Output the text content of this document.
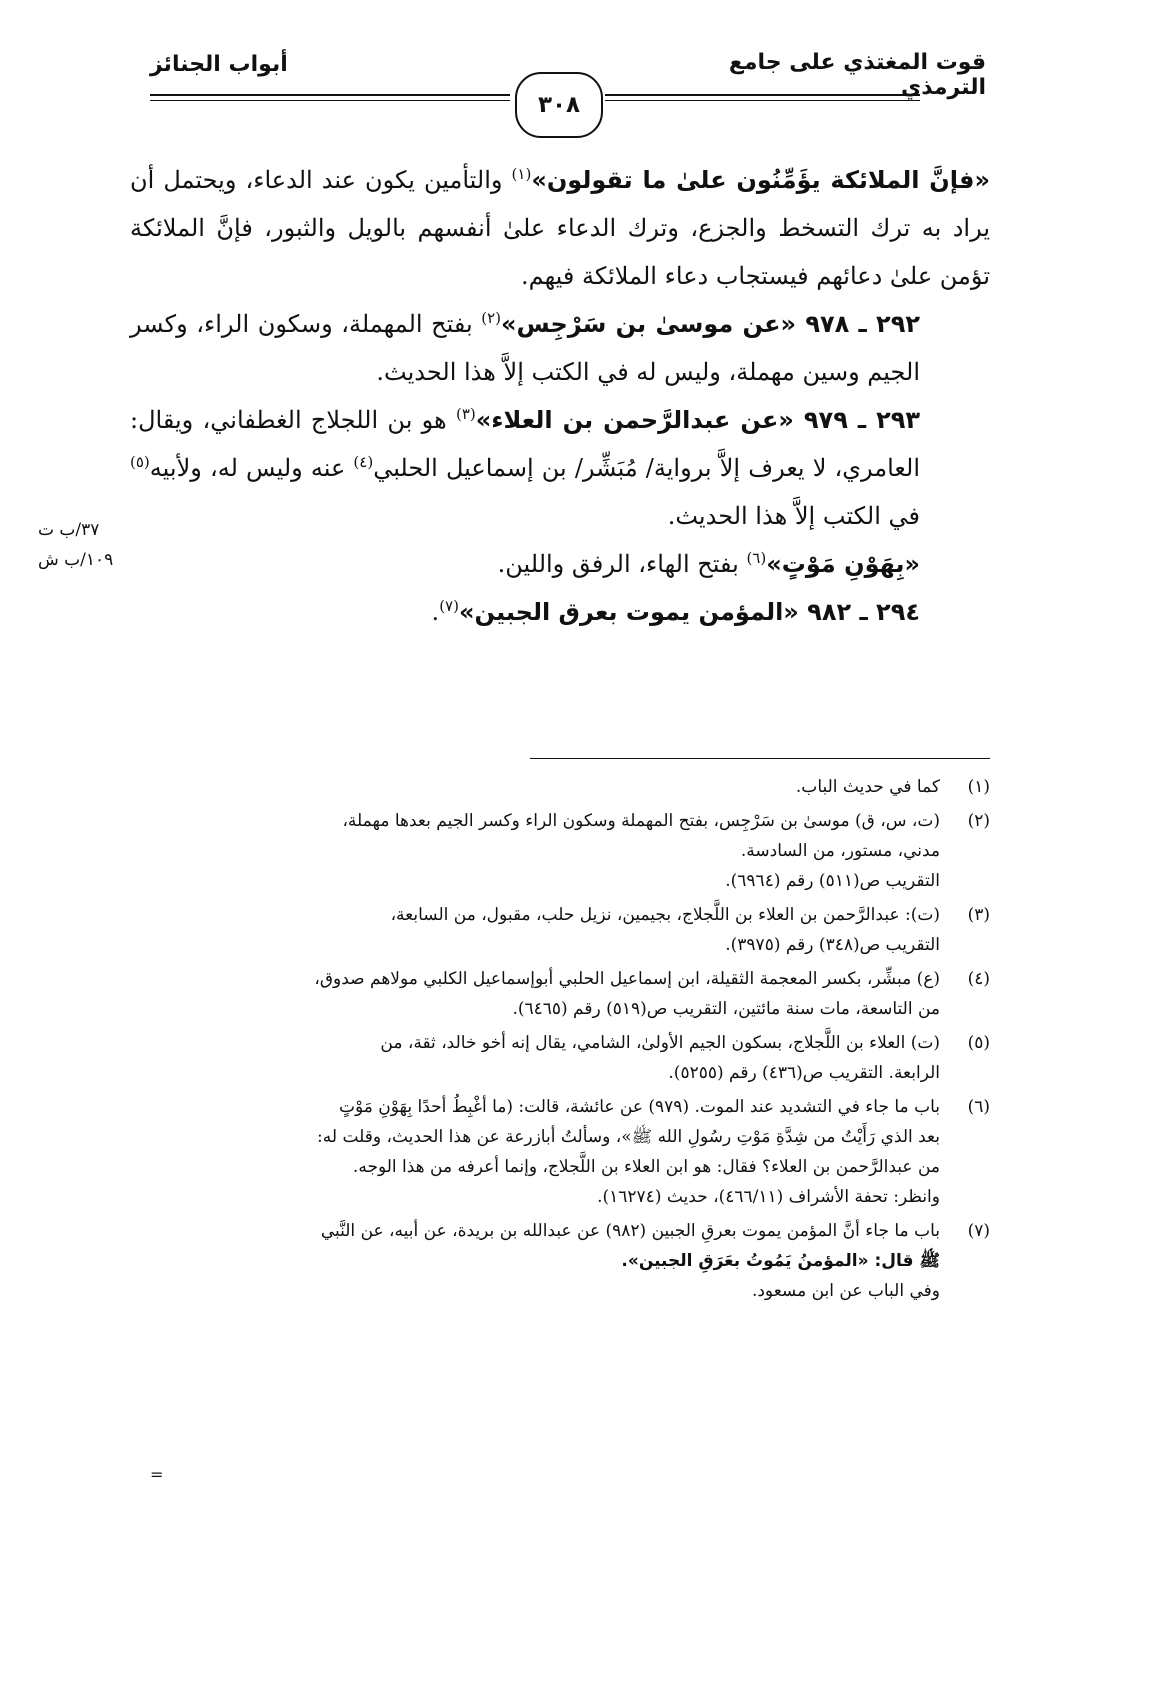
قوت المغتذي على جامع الترمذي
أبواب الجنائز
٣٠٨

«فإنَّ الملائكة يؤَمِّنُون علىٰ ما تقولون»$^{(١)}$ والتأمين يكون عند الدعاء، ويحتمل أن يراد به ترك التسخط والجزع، وترك الدعاء علىٰ أنفسهم بالويل والثبور، فإنَّ الملائكة تؤمن علىٰ دعائهم فيستجاب دعاء الملائكة فيهم.

٢٩٢ ـ ٩٧٨ «عن موسىٰ بن سَرْجِس»$^{(٢)}$ بفتح المهملة، وسكون الراء، وكسر الجيم وسين مهملة، وليس له في الكتب إلاَّ هذا الحديث.

٢٩٣ ـ ٩٧٩ «عن عبدالرَّحمن بن العلاء»$^{(٣)}$ هو بن اللجلاج الغطفاني، ويقال: العامري، لا يعرف إلاَّ برواية/ مُبَشِّر/ بن إسماعيل الحلبي$^{(٤)}$ عنه وليس له، ولأبيه$^{(٥)}$ في الكتب إلاَّ هذا الحديث.

«بِهَوْنِ مَوْتٍ»$^{(٦)}$ بفتح الهاء، الرفق واللين.

٢٩٤ ـ ٩٨٢ «المؤمن يموت بعرق الجبين»$^{(٧)}$.

٣٧/ب ت
١٠٩/ب ش
(١)
كما في حديث الباب.
(٢)
(ت، س، ق) موسىٰ بن سَرْجِس، بفتح المهملة وسكون الراء وكسر الجيم بعدها مهملة،
مدني، مستور، من السادسة.
التقريب ص(٥١١) رقم (٦٩٦٤).
(٣)
(ت): عبدالرَّحمن بن العلاء بن اللَّجلاج، بجيمين، نزيل حلب، مقبول، من السابعة،
التقريب ص(٣٤٨) رقم (٣٩٧٥).
(٤)
(ع) مبشِّر، بكسر المعجمة الثقيلة، ابن إسماعيل الحلبي أبوإسماعيل الكلبي مولاهم صدوق،
من التاسعة، مات سنة مائتين، التقريب ص(٥١٩) رقم (٦٤٦٥).
(٥)
(ت) العلاء بن اللَّجلاج، بسكون الجيم الأولىٰ، الشامي، يقال إنه أخو خالد، ثقة، من
الرابعة. التقريب ص(٤٣٦) رقم (٥٢٥٥).
(٦)
باب ما جاء في التشديد عند الموت. (٩٧٩) عن عائشة، قالت: (ما أغْبِطُ أحدًا بِهَوْنِ مَوْتٍ
بعد الذي رَأَيْتُ من شِدَّةِ مَوْتِ رسُولِ الله ﷺ»، وسألتُ أبازرعة عن هذا الحديث، وقلت له:
من عبدالرَّحمن بن العلاء؟ فقال: هو ابن العلاء بن اللَّجلاج، وإنما أعرفه من هذا الوجه.
وانظر: تحفة الأشراف (٤٦٦/١١)، حديث (١٦٢٧٤).
(٧)
باب ما جاء أنَّ المؤمن يموت بعرقِ الجبين (٩٨٢) عن عبدالله بن بريدة، عن أبيه، عن النَّبي
ﷺ قال: «المؤمنُ يَمُوتُ بعَرَقِ الجبين».
وفي الباب عن ابن مسعود.
=
